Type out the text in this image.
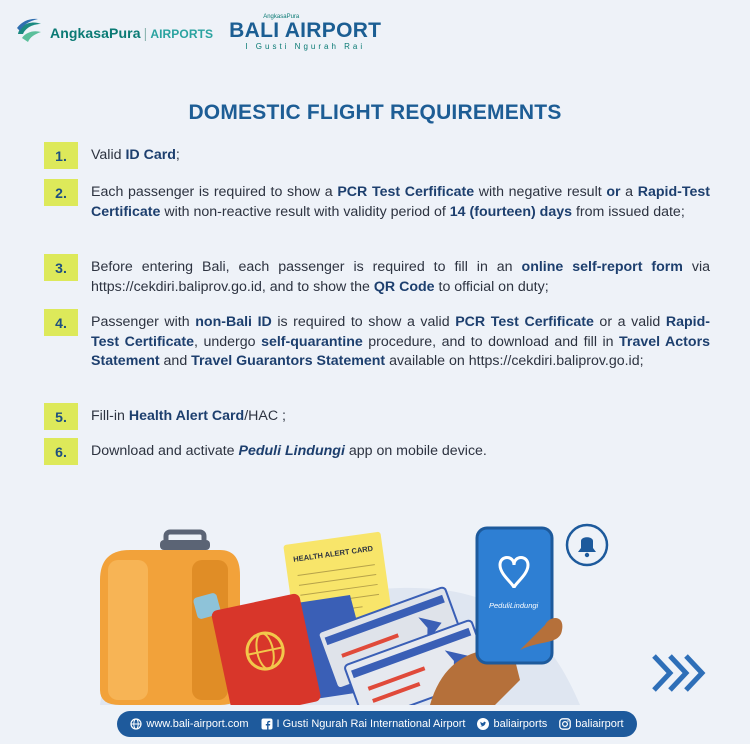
AngkasaPura | AIRPORTS
AngkasaPura
BALI AIRPORT
I Gusti Ngurah Rai
DOMESTIC FLIGHT REQUIREMENTS
1.	Valid ID Card;
2.	Each passenger is required to show a PCR Test Cerfificate with negative result or a Rapid-Test Certificate with non-reactive result with validity period of 14 (fourteen) days from issued date;
3.	Before entering Bali, each passenger is required to fill in an online self-report form via https://cekdiri.baliprov.go.id, and to show the QR Code to official on duty;
4.	Passenger with non-Bali ID is required to show a valid PCR Test Cerfificate or a valid Rapid-Test Certificate, undergo self-quarantine procedure, and to download and fill in Travel Actors Statement and Travel Guarantors Statement available on https://cekdiri.baliprov.go.id;
5.	Fill-in Health Alert Card/HAC ;
6.	Download and activate Peduli Lindungi app on mobile device.
HEALTH ALERT CARD
PeduliLindungi
www.bali-airport.com	I Gusti Ngurah Rai International Airport	baliairports	baliairport
